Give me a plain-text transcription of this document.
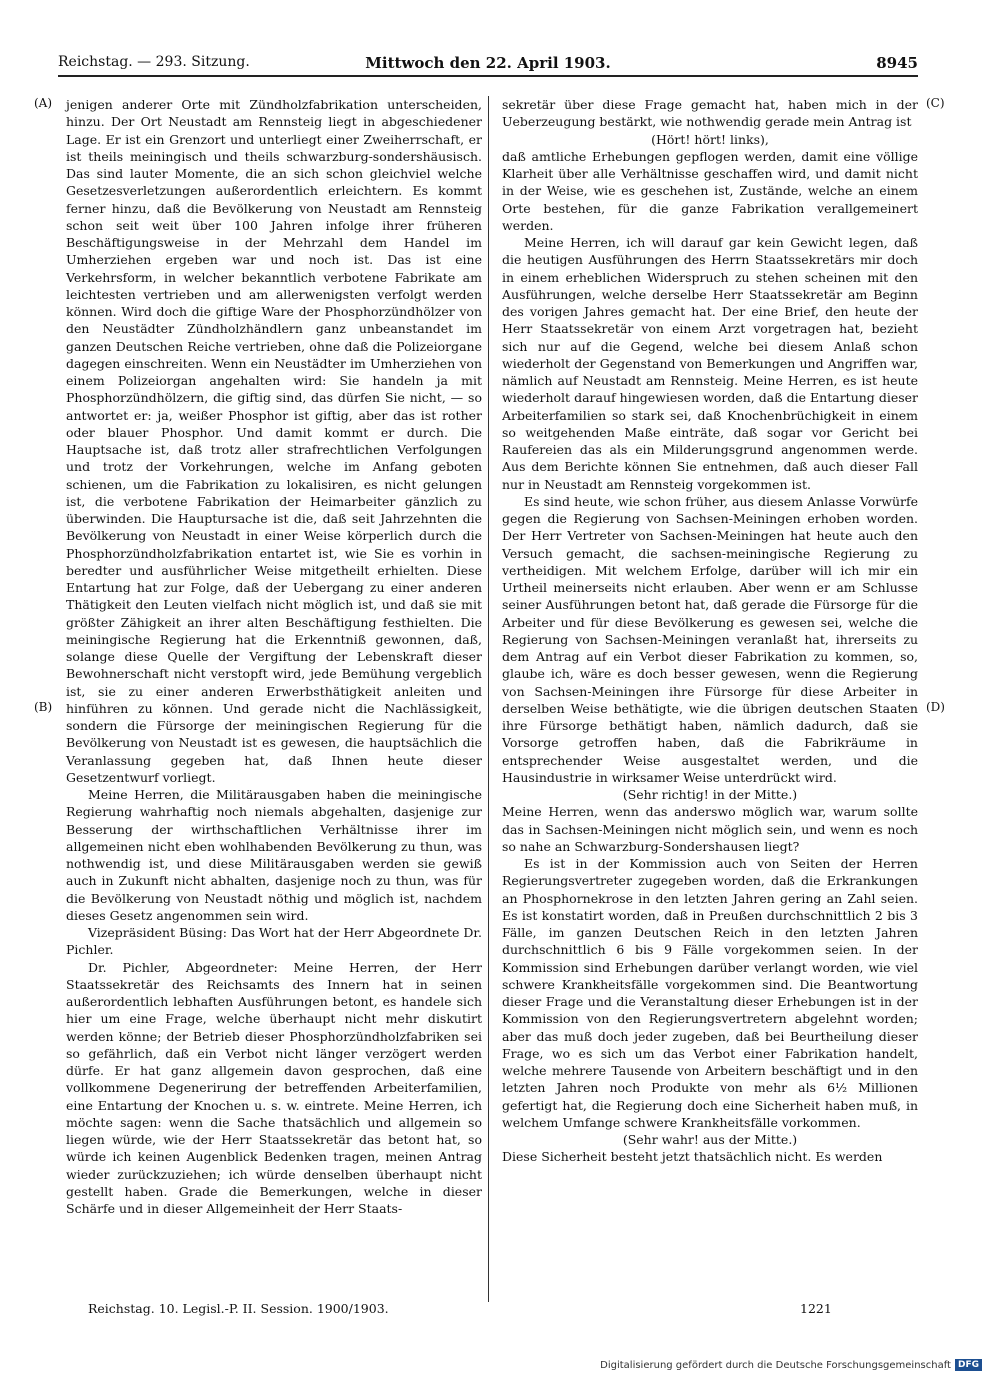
Reichstag. — 293. Sitzung.	Mittwoch den 22. April 1903.	8945
(A)
(B)
(C)
(D)

jenigen anderer Orte mit Zündholzfabrikation unterscheiden, hinzu. Der Ort Neustadt am Rennsteig liegt in abgeschiedener Lage. Er ist ein Grenzort und unterliegt einer Zweiherrschaft, er ist theils meiningisch und theils schwarzburg-sondershäusisch. Das sind lauter Momente, die an sich schon gleichviel welche Gesetzesverletzungen außerordentlich erleichtern. Es kommt ferner hinzu, daß die Bevölkerung von Neustadt am Rennsteig schon seit weit über 100 Jahren infolge ihrer früheren Beschäftigungsweise in der Mehrzahl dem Handel im Umherziehen ergeben war und noch ist. Das ist eine Verkehrsform, in welcher bekanntlich verbotene Fabrikate am leichtesten vertrieben und am allerwenigsten verfolgt werden können. Wird doch die giftige Ware der Phosphorzündhölzer von den Neustädter Zündholzhändlern ganz unbeanstandet im ganzen Deutschen Reiche vertrieben, ohne daß die Polizeiorgane dagegen einschreiten. Wenn ein Neustädter im Umherziehen von einem Polizeiorgan angehalten wird: Sie handeln ja mit Phosphorzündhölzern, die giftig sind, das dürfen Sie nicht, — so antwortet er: ja, weißer Phosphor ist giftig, aber das ist rother oder blauer Phosphor. Und damit kommt er durch. Die Hauptsache ist, daß trotz aller strafrechtlichen Verfolgungen und trotz der Vorkehrungen, welche im Anfang geboten schienen, um die Fabrikation zu lokalisiren, es nicht gelungen ist, die verbotene Fabrikation der Heimarbeiter gänzlich zu überwinden. Die Hauptursache ist die, daß seit Jahrzehnten die Bevölkerung von Neustadt in einer Weise körperlich durch die Phosphorzündholzfabrikation entartet ist, wie Sie es vorhin in beredter und ausführlicher Weise mitgetheilt erhielten. Diese Entartung hat zur Folge, daß der Uebergang zu einer anderen Thätigkeit den Leuten vielfach nicht möglich ist, und daß sie mit größter Zähigkeit an ihrer alten Beschäftigung festhielten. Die meiningische Regierung hat die Erkenntniß gewonnen, daß, solange diese Quelle der Vergiftung der Lebenskraft dieser Bewohnerschaft nicht verstopft wird, jede Bemühung vergeblich ist, sie zu einer anderen Erwerbsthätigkeit anleiten und hinführen zu können. Und gerade nicht die Nachlässigkeit, sondern die Fürsorge der meiningischen Regierung für die Bevölkerung von Neustadt ist es gewesen, die hauptsächlich die Veranlassung gegeben hat, daß Ihnen heute dieser Gesetzentwurf vorliegt.

Meine Herren, die Militärausgaben haben die meiningische Regierung wahrhaftig noch niemals abgehalten, dasjenige zur Besserung der wirthschaftlichen Verhältnisse ihrer im allgemeinen nicht eben wohlhabenden Bevölkerung zu thun, was nothwendig ist, und diese Militärausgaben werden sie gewiß auch in Zukunft nicht abhalten, dasjenige noch zu thun, was für die Bevölkerung von Neustadt nöthig und möglich ist, nachdem dieses Gesetz angenommen sein wird.

Vizepräsident Büsing: Das Wort hat der Herr Abgeordnete Dr. Pichler.

Dr. Pichler, Abgeordneter: Meine Herren, der Herr Staatssekretär des Reichsamts des Innern hat in seinen außerordentlich lebhaften Ausführungen betont, es handele sich hier um eine Frage, welche überhaupt nicht mehr diskutirt werden könne; der Betrieb dieser Phosphorzündholzfabriken sei so gefährlich, daß ein Verbot nicht länger verzögert werden dürfe. Er hat ganz allgemein davon gesprochen, daß eine vollkommene Degenerirung der betreffenden Arbeiterfamilien, eine Entartung der Knochen u. s. w. eintrete. Meine Herren, ich möchte sagen: wenn die Sache thatsächlich und allgemein so liegen würde, wie der Herr Staatssekretär das betont hat, so würde ich keinen Augenblick Bedenken tragen, meinen Antrag wieder zurückzuziehen; ich würde denselben überhaupt nicht gestellt haben. Grade die Bemerkungen, welche in dieser Schärfe und in dieser Allgemeinheit der Herr Staats-

sekretär über diese Frage gemacht hat, haben mich in der Ueberzeugung bestärkt, wie nothwendig gerade mein Antrag ist

(Hört! hört! links),

daß amtliche Erhebungen gepflogen werden, damit eine völlige Klarheit über alle Verhältnisse geschaffen wird, und damit nicht in der Weise, wie es geschehen ist, Zustände, welche an einem Orte bestehen, für die ganze Fabrikation verallgemeinert werden.

Meine Herren, ich will darauf gar kein Gewicht legen, daß die heutigen Ausführungen des Herrn Staatssekretärs mir doch in einem erheblichen Widerspruch zu stehen scheinen mit den Ausführungen, welche derselbe Herr Staatssekretär am Beginn des vorigen Jahres gemacht hat. Der eine Brief, den heute der Herr Staatssekretär von einem Arzt vorgetragen hat, bezieht sich nur auf die Gegend, welche bei diesem Anlaß schon wiederholt der Gegenstand von Bemerkungen und Angriffen war, nämlich auf Neustadt am Rennsteig. Meine Herren, es ist heute wiederholt darauf hingewiesen worden, daß die Entartung dieser Arbeiterfamilien so stark sei, daß Knochenbrüchigkeit in einem so weitgehenden Maße einträte, daß sogar vor Gericht bei Raufereien das als ein Milderungsgrund angenommen werde. Aus dem Berichte können Sie entnehmen, daß auch dieser Fall nur in Neustadt am Rennsteig vorgekommen ist.

Es sind heute, wie schon früher, aus diesem Anlasse Vorwürfe gegen die Regierung von Sachsen-Meiningen erhoben worden. Der Herr Vertreter von Sachsen-Meiningen hat heute auch den Versuch gemacht, die sachsen-meiningische Regierung zu vertheidigen. Mit welchem Erfolge, darüber will ich mir ein Urtheil meinerseits nicht erlauben. Aber wenn er am Schlusse seiner Ausführungen betont hat, daß gerade die Fürsorge für die Arbeiter und für diese Bevölkerung es gewesen sei, welche die Regierung von Sachsen-Meiningen veranlaßt hat, ihrerseits zu dem Antrag auf ein Verbot dieser Fabrikation zu kommen, so, glaube ich, wäre es doch besser gewesen, wenn die Regierung von Sachsen-Meiningen ihre Fürsorge für diese Arbeiter in derselben Weise bethätigte, wie die übrigen deutschen Staaten ihre Fürsorge bethätigt haben, nämlich dadurch, daß sie Vorsorge getroffen haben, daß die Fabrikräume in entsprechender Weise ausgestaltet werden, und die Hausindustrie in wirksamer Weise unterdrückt wird.

(Sehr richtig! in der Mitte.)

Meine Herren, wenn das anderswo möglich war, warum sollte das in Sachsen-Meiningen nicht möglich sein, und wenn es noch so nahe an Schwarzburg-Sondershausen liegt?

Es ist in der Kommission auch von Seiten der Herren Regierungsvertreter zugegeben worden, daß die Erkrankungen an Phosphornekrose in den letzten Jahren gering an Zahl seien. Es ist konstatirt worden, daß in Preußen durchschnittlich 2 bis 3 Fälle, im ganzen Deutschen Reich in den letzten Jahren durchschnittlich 6 bis 9 Fälle vorgekommen seien. In der Kommission sind Erhebungen darüber verlangt worden, wie viel schwere Krankheitsfälle vorgekommen sind. Die Beantwortung dieser Frage und die Veranstaltung dieser Erhebungen ist in der Kommission von den Regierungsvertretern abgelehnt worden; aber das muß doch jeder zugeben, daß bei Beurtheilung dieser Frage, wo es sich um das Verbot einer Fabrikation handelt, welche mehrere Tausende von Arbeitern beschäftigt und in den letzten Jahren noch Produkte von mehr als 6½ Millionen gefertigt hat, die Regierung doch eine Sicherheit haben muß, in welchem Umfange schwere Krankheitsfälle vorkommen.

(Sehr wahr! aus der Mitte.)

Diese Sicherheit besteht jetzt thatsächlich nicht. Es werden

Reichstag. 10. Legisl.-P. II. Session. 1900/1903.	1221
Digitalisierung gefördert durch die Deutsche Forschungsgemeinschaft DFG
